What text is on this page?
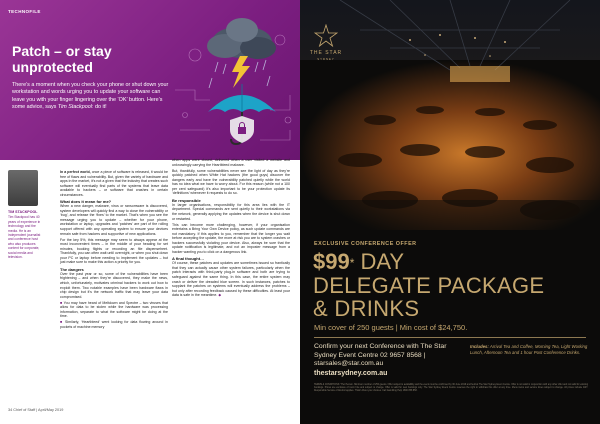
TECHNOFILE
Patch – or stay unprotected
There’s a moment when you check your phone or shut down your workstation and words urging you to update your software can leave you with your finger lingering over the ‘OK’ button. Here’s some advice, says Tim Stackpool: do it!
TIM STACKPOOL
Tim Stackpool has 40 years of experience in technology and the media. He is an independent journalist and conference host who also produces content for corporate, social media and television.

In a perfect world, once a piece of software is released, it would be free of flaws and vulnerability. But, given the variety of hardware and apps in the market, it’s not a given that the industry that creates such software will eventually find parts of the systems that leave data available to hackers – or software that crashes in certain circumstances.

What does it mean for me?

When a new danger, malware, virus or ransomware is discovered, system developers will quickly find a way to close the vulnerability or ‘bug’, and release the ‘fixes’ to the market. That’s when you see the message urging you to update – whether for your phone, workstation or laptop, upgrades and ‘patches’ are part of the rolling support offered with any operating system to ensure your devices remain safe from hackers and supportive of new applications.

For the key 5%, this message may seem to always appear at the most inconvenient times – in the middle of your heading for set minutes, booking flights or recording an file dispenseheet. Thankfully, you can often wait until overnight, or when you shut down your PC or laptop before needing to implement the updates – but just make sure to make this action a priority for you.

The dangers

Over the past year or so, some of the vulnerabilities have been frightening – and when they’re discovered, they make the news, which, unfortunately, motivates criminal hackers to work out how to exploit them. Two notable examples have been hardware flaws in chip design but it’s the network traffic that may leave your data compromised.

■ You may have heard of Meltdown and Spectre – two viruses that allow for data to be stolen while the hardware was processing information, separate to what the software might be doing at the time.

■ Similarly, ‘Heartbleed’ went looking for data flowing around in pockets of machine memory

when apps were closed, delivered when a user visited a website and unknowingly carrying the Heartbleed malware.

But, thankfully, some vulnerabilities never see the light of day as they’re quickly patched when White Hat hackers (the good guys) discover the dangers early and have the vulnerability patched quietly while the world has no idea what we have to worry about. For this reason (while not a 100 per cent safeguard) it’s also important to be your protection update its ‘definitions’ whenever it requests to do so.

Be responsible

In larger organisations, responsibility for this area lies with the IT department. Special commands are sent quietly to their workstations via the network, generally applying the updates when the device is shut down or restarted.

This can become more challenging, however, if your organisation entertains a Bring Your Own Device policy, as such update commands are not mandatory. If this applies to you, remember that the longer you wait before accepting the update, the more at risk you are to system crashes or hackers successfully violating your device. Also, always be sure that the update notification is legitimate, and not an imposter message from a hacker wanting you to click on a dangerous link.

A final thought…

Of course, these patches and updates are sometimes issued so frantically that they can actually cause other system failures, particularly when the patch interacts with third-party plug-in software and both are trying to safeguard against the same thing. In this case, the entire system may crash or deliver the dreaded blue screen. In such instances, patches to supplant the patches on systems will eventually address the problems – but only after recording feedback caused by these difficulties. At least your data is safe in the meantime. ◆

34 Chief of Staff | April/May 2019
THE STAR
SYDNEY
EXCLUSIVE CONFERENCE OFFER
$99* DAY
DELEGATE PACKAGE
& DRINKS
Min cover of 250 guests | Min cost of $24,750.
Confirm your next Conference with The Star Sydney Event Centre 02 9657 8568 | starsales@star.com.au
Includes: Arrival Tea and Coffee, Morning Tea, Light Working Lunch, Afternoon Tea and 1 hour Post Conference Drinks.
thestarsydney.com.au
TERMS & CONDITIONS: *Per Person. Minimum number of 250 guests. Offer subject to availability and the event must be confirmed by 30 June 2019 and held at The Star Sydney Event Centre. Offer is not valid in conjunction with any other offer and not valid for existing bookings. Prices are exclusive of room hire and subject to change. Offer is valid for new bookings only. The Star Sydney Event Centre reserves the right to withdraw this offer at any time. Menu items and service times subject to change. All prices include GST. Responsible Service of Alcohol applies. Think! About your choices. Call Gambling Help 1800 858 858.
